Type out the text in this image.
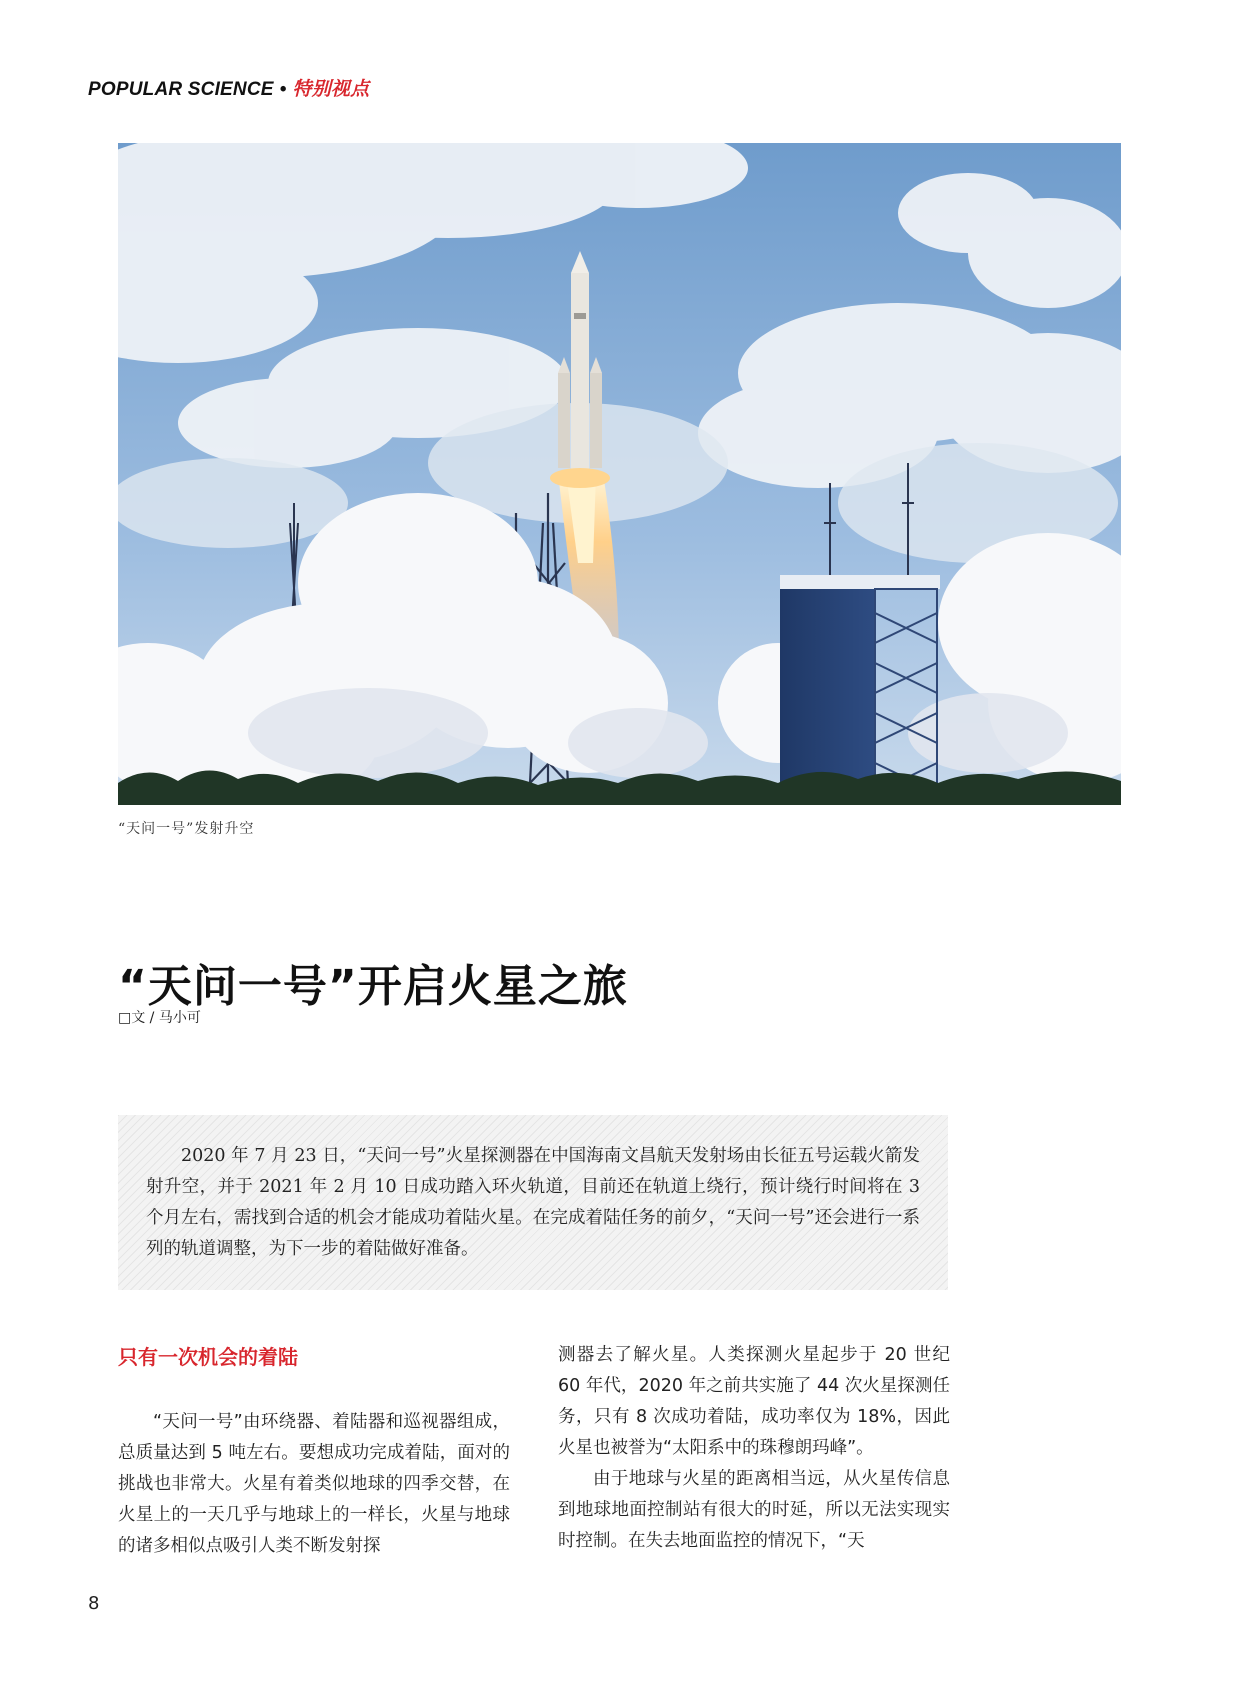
POPULAR SCIENCE • 特别视点
“天问一号”发射升空
“天问一号”开启火星之旅
□文 / 马小可
2020 年 7 月 23 日，“天问一号”火星探测器在中国海南文昌航天发射场由长征五号运载火箭发射升空，并于 2021 年 2 月 10 日成功踏入环火轨道，目前还在轨道上绕行，预计绕行时间将在 3 个月左右，需找到合适的机会才能成功着陆火星。在完成着陆任务的前夕，“天问一号”还会进行一系列的轨道调整，为下一步的着陆做好准备。
只有一次机会的着陆

“天问一号”由环绕器、着陆器和巡视器组成，总质量达到 5 吨左右。要想成功完成着陆，面对的挑战也非常大。火星有着类似地球的四季交替，在火星上的一天几乎与地球上的一样长，火星与地球的诸多相似点吸引人类不断发射探

测器去了解火星。人类探测火星起步于 20 世纪 60 年代，2020 年之前共实施了 44 次火星探测任务，只有 8 次成功着陆，成功率仅为 18%，因此火星也被誉为“太阳系中的珠穆朗玛峰”。

由于地球与火星的距离相当远，从火星传信息到地球地面控制站有很大的时延，所以无法实现实时控制。在失去地面监控的情况下，“天

8
